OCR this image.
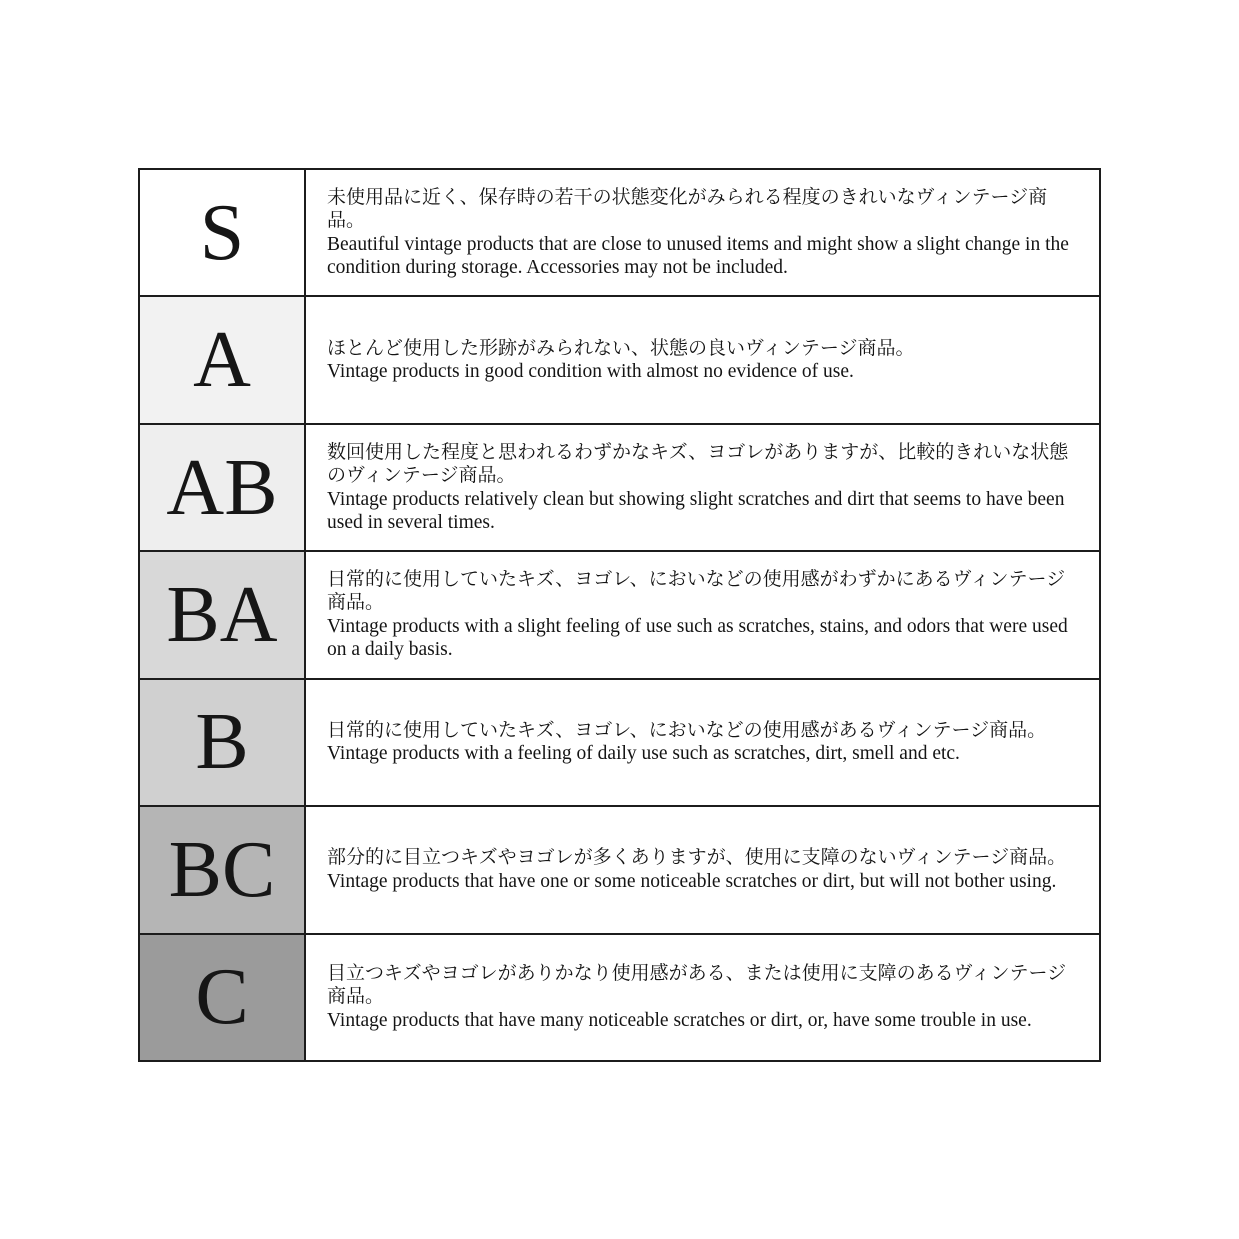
S	未使用品に近く、保存時の若干の状態変化がみられる程度のきれいなヴィンテージ商品。
Beautiful vintage products that are close to unused items and might show a slight change in the condition during storage. Accessories may not be included.
A	ほとんど使用した形跡がみられない、状態の良いヴィンテージ商品。
Vintage products in good condition with almost no evidence of use.
AB	数回使用した程度と思われるわずかなキズ、ヨゴレがありますが、比較的きれいな状態のヴィンテージ商品。
Vintage products relatively clean but showing slight scratches and dirt that seems to have been used in several times.
BA	日常的に使用していたキズ、ヨゴレ、においなどの使用感がわずかにあるヴィンテージ商品。
Vintage products with a slight feeling of use such as scratches, stains, and odors that were used on a daily basis.
B	日常的に使用していたキズ、ヨゴレ、においなどの使用感があるヴィンテージ商品。
Vintage products with a feeling of daily use such as scratches, dirt, smell and etc.
BC	部分的に目立つキズやヨゴレが多くありますが、使用に支障のないヴィンテージ商品。
Vintage products that have one or some noticeable scratches or dirt, but will not bother using.
C	目立つキズやヨゴレがありかなり使用感がある、または使用に支障のあるヴィンテージ商品。
Vintage products that have many noticeable scratches or dirt, or, have some trouble in use.
